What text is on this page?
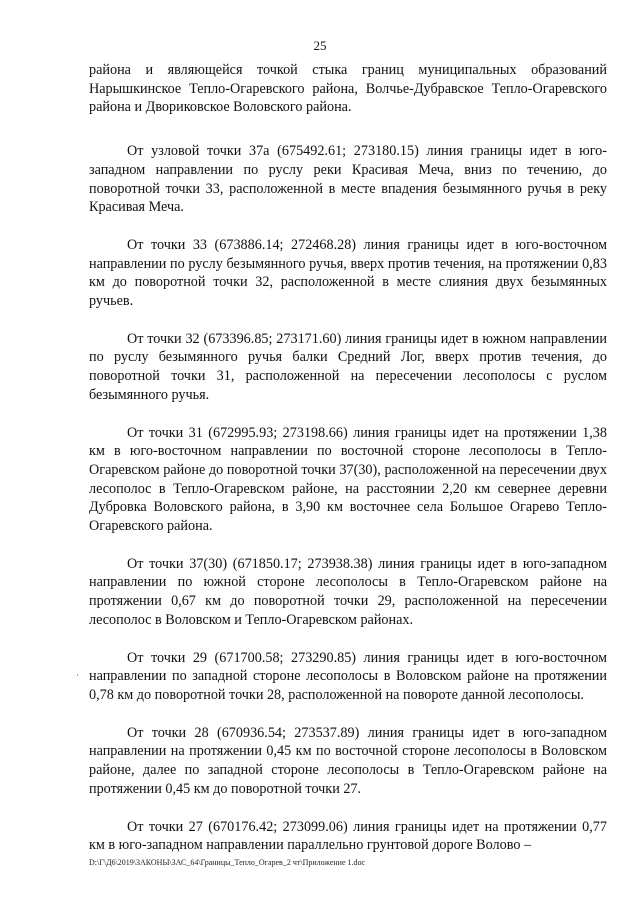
25

района и являющейся точкой стыка границ муниципальных образований Нарышкинское Тепло-Огаревского района, Волчье-Дубравское Тепло-Огаревского района и Двориковское Воловского района.

От узловой точки 37а (675492.61; 273180.15) линия границы идет в юго-западном направлении по руслу реки Красивая Меча, вниз по течению, до поворотной точки 33, расположенной в месте впадения безымянного ручья в реку Красивая Меча.

От точки 33 (673886.14; 272468.28) линия границы идет в юго-восточном направлении по руслу безымянного ручья, вверх против течения, на протяжении 0,83 км до поворотной точки 32, расположенной в месте слияния двух безымянных ручьев.

От точки 32 (673396.85; 273171.60) линия границы идет в южном направлении по руслу безымянного ручья балки Средний Лог, вверх против течения, до поворотной точки 31, расположенной на пересечении лесополосы с руслом безымянного ручья.

От точки 31 (672995.93; 273198.66) линия границы идет на протяжении 1,38 км в юго-восточном направлении по восточной стороне лесополосы в Тепло-Огаревском районе до поворотной точки 37(30), расположенной на пересечении двух лесополос в Тепло-Огаревском районе, на расстоянии 2,20 км севернее деревни Дубровка Воловского района, в 3,90 км восточнее села Большое Огарево Тепло-Огаревского района.

От точки 37(30) (671850.17; 273938.38) линия границы идет в юго-западном направлении по южной стороне лесополосы в Тепло-Огаревском районе на протяжении 0,67 км до поворотной точки 29, расположенной на пересечении лесополос в Воловском и Тепло-Огаревском районах.

От точки 29 (671700.58; 273290.85) линия границы идет в юго-восточном направлении по западной стороне лесополосы в Воловском районе на протяжении 0,78 км до поворотной точки 28, расположенной на повороте данной лесополосы.

От точки 28 (670936.54; 273537.89) линия границы идет в юго-западном направлении на протяжении 0,45 км по восточной стороне лесополосы в Воловском районе, далее по западной стороне лесополосы в Тепло-Огаревском районе на протяжении 0,45 км до поворотной точки 27.

От точки 27 (670176.42; 273099.06) линия границы идет на протяжении 0,77 км в юго-западном направлении параллельно грунтовой дороге Волово –

·
D:\Г\Д6\2019\ЗАКОНЫ\ЗАС_64\Границы_Тепло_Огарев_2 чт\Приложение 1.doc
